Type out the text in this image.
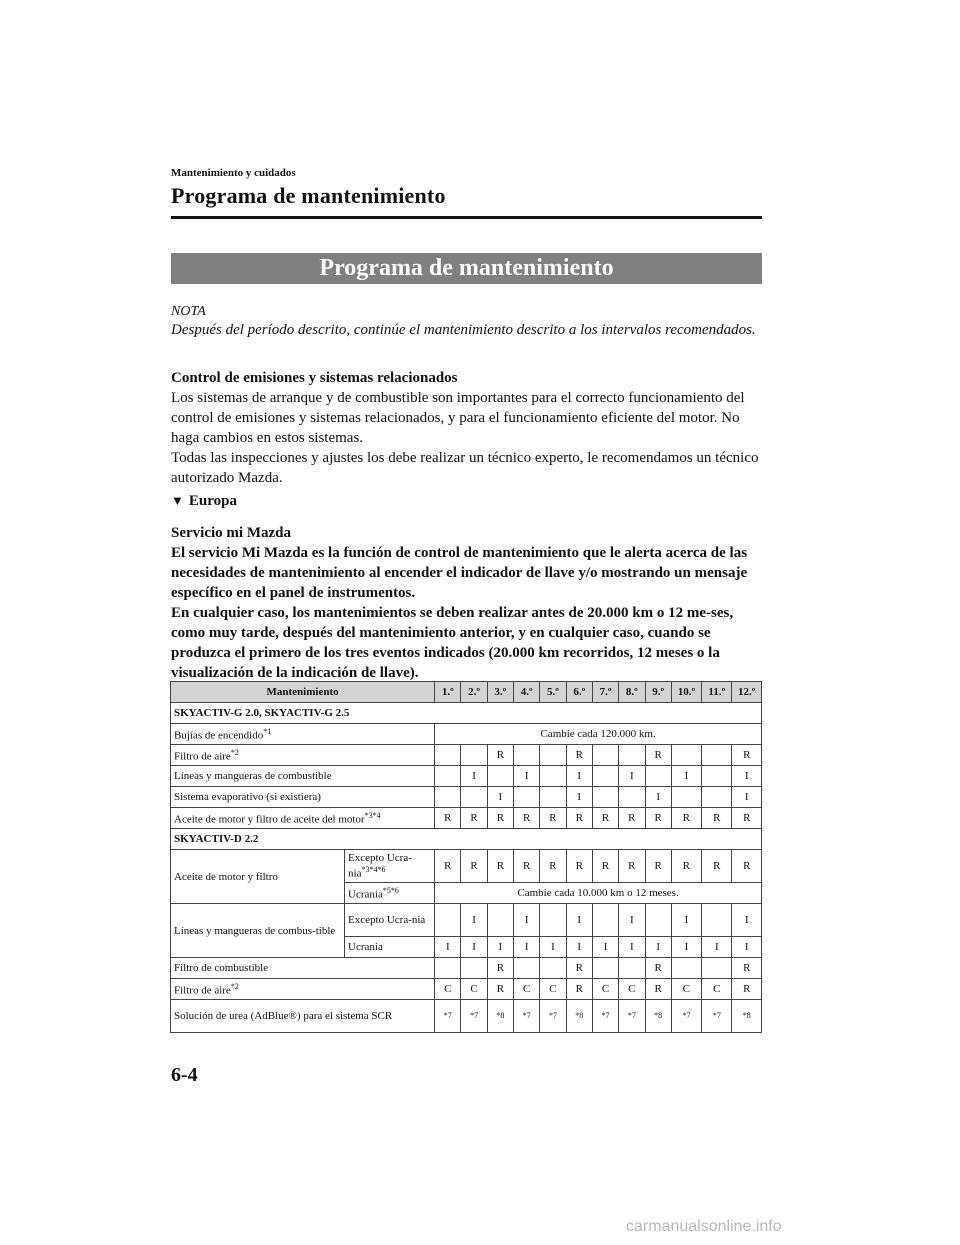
Mantenimiento y cuidados
Programa de mantenimiento
Programa de mantenimiento
NOTA
Después del período descrito, continúe el mantenimiento descrito a los intervalos recomendados.
Control de emisiones y sistemas relacionados
Los sistemas de arranque y de combustible son importantes para el correcto funcionamiento del control de emisiones y sistemas relacionados, y para el funcionamiento eficiente del motor. No haga cambios en estos sistemas.
Todas las inspecciones y ajustes los debe realizar un técnico experto, le recomendamos un técnico autorizado Mazda.
▼ Europa
Servicio mi Mazda
El servicio Mi Mazda es la función de control de mantenimiento que le alerta acerca de las necesidades de mantenimiento al encender el indicador de llave y/o mostrando un mensaje específico en el panel de instrumentos.
En cualquier caso, los mantenimientos se deben realizar antes de 20.000 km o 12 me-ses, como muy tarde, después del mantenimiento anterior, y en cualquier caso, cuando se produzca el primero de los tres eventos indicados (20.000 km recorridos, 12 meses o la visualización de la indicación de llave).
Mantenimiento		1.º	2.º	3.º	4.º	5.º	6.º	7.º	8.º	9.º	10.º	11.º	12.º
SKYACTIV-G 2.0, SKYACTIV-G 2.5													
Bujías de encendido$^{*1}$		Cambie cada 120.000 km.											
Filtro de aire$^{*2}$				R			R			R			R
Líneas y mangueras de combustible			I		I		I		I		I		I
Sistema evaporativo (si existiera)				I			I			I			I
Aceite de motor y filtro de aceite del motor$^{*3*4}$		R	R	R	R	R	R	R	R	R	R	R	R
SKYACTIV-D 2.2													
Aceite de motor y filtro	Excepto Ucra-nia$^{*3*4*6}$	R	R	R	R	R	R	R	R	R	R	R	R
	Ucrania$^{*5*6}$	Cambie cada 10.000 km o 12 meses.											
Líneas y mangueras de combus-tible	Excepto Ucra-nia		I		I		I		I		I		I
	Ucrania	I	I	I	I	I	I	I	I	I	I	I	I
Filtro de combustible				R			R			R			R
Filtro de aire$^{*2}$		C	C	R	C	C	R	C	C	R	C	C	R
Solución de urea (AdBlue®) para el sistema SCR		*7	*7	*8	*7	*7	*8	*7	*7	*8	*7	*7	*8
6-4
carmanualsonline.info
